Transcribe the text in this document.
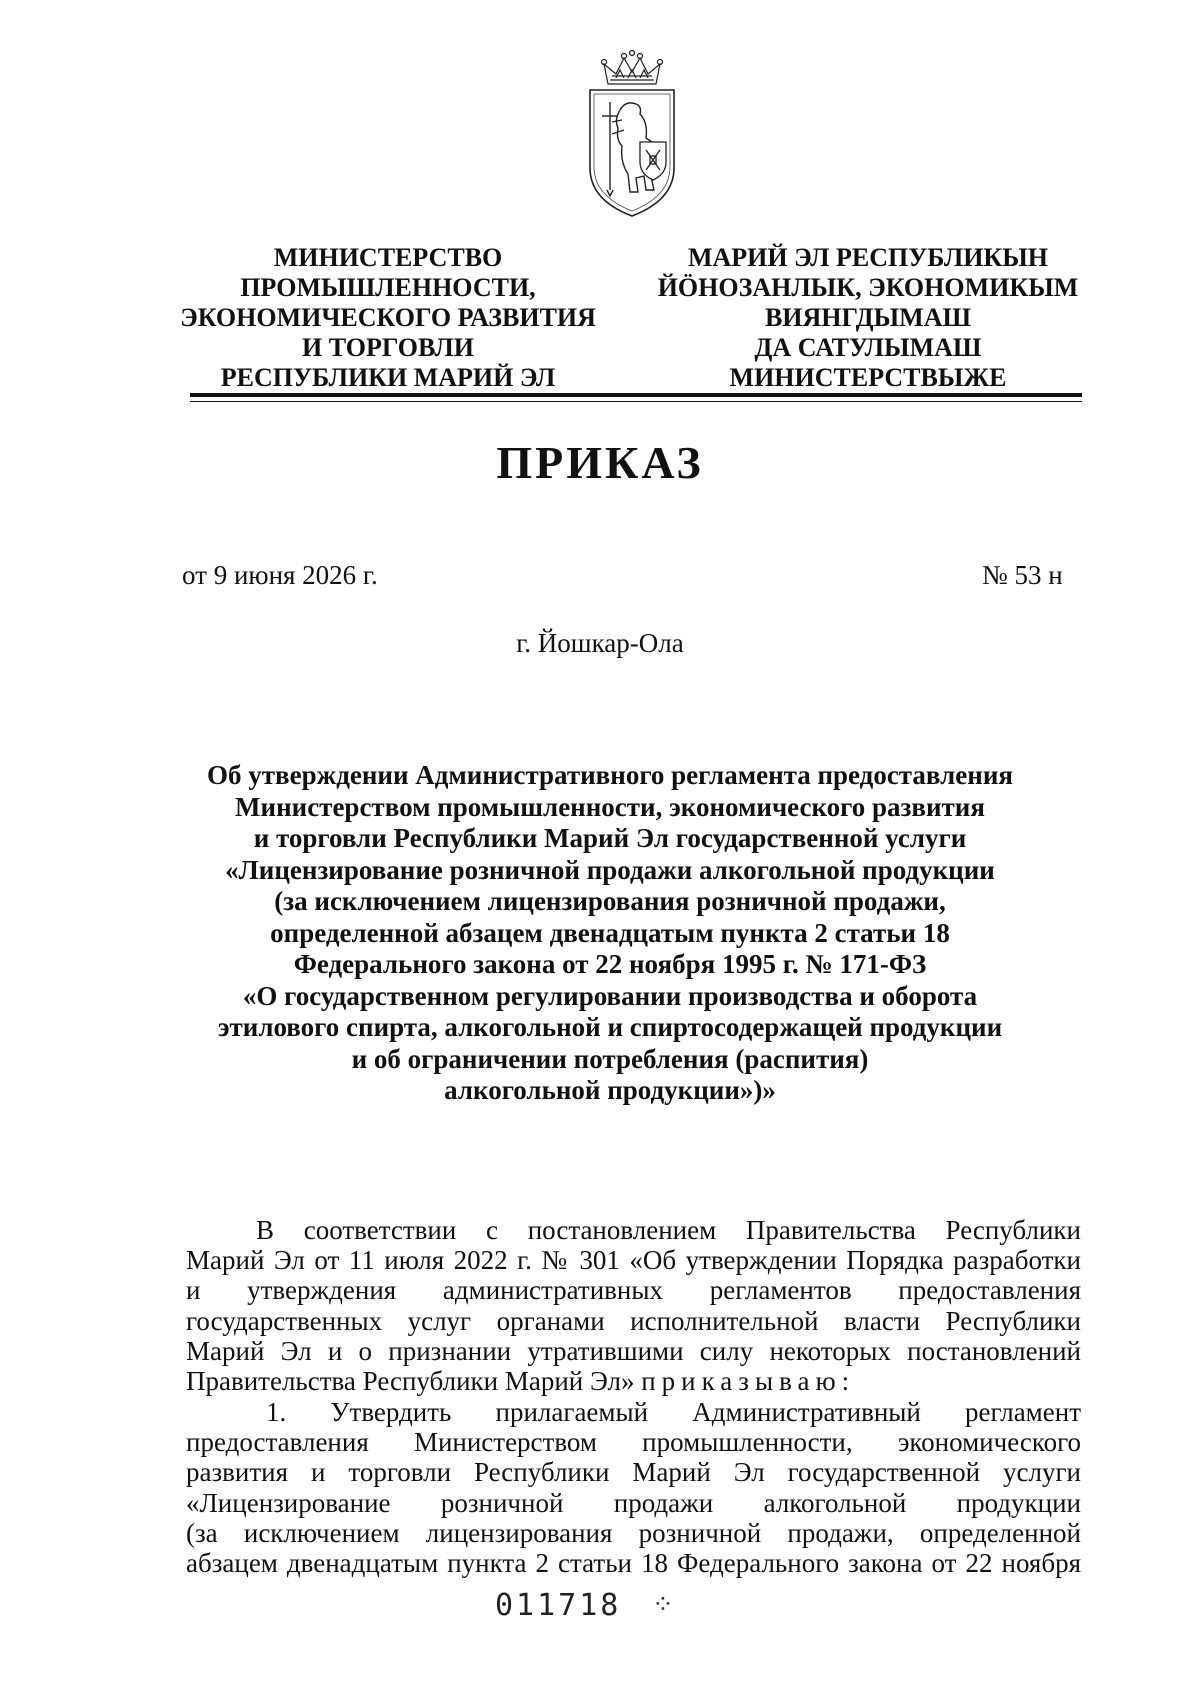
МИНИСТЕРСТВО
ПРОМЫШЛЕННОСТИ,
ЭКОНОМИЧЕСКОГО РАЗВИТИЯ
И ТОРГОВЛИ
РЕСПУБЛИКИ МАРИЙ ЭЛ
МАРИЙ ЭЛ РЕСПУБЛИКЫН
ЙÖНОЗАНЛЫК, ЭКОНОМИКЫМ
ВИЯНГДЫМАШ
ДА САТУЛЫМАШ
МИНИСТЕРСТВЫЖЕ
ПРИКАЗ
от 9 июня 2026 г.	№ 53 н
г. Йошкар-Ола
Об утверждении Административного регламента предоставления
Министерством промышленности, экономического развития
и торговли Республики Марий Эл государственной услуги
«Лицензирование розничной продажи алкогольной продукции
(за исключением лицензирования розничной продажи,
определенной абзацем двенадцатым пункта 2 статьи 18
Федерального закона от 22 ноября 1995 г. № 171-ФЗ
«О государственном регулировании производства и оборота
этилового спирта, алкогольной и спиртосодержащей продукции
и об ограничении потребления (распития)
алкогольной продукции»)»
В соответствии с постановлением Правительства Республики
Марий Эл от 11 июля 2022 г. № 301 «Об утверждении Порядка разработки
и утверждения административных регламентов предоставления
государственных услуг органами исполнительной власти Республики
Марий Эл и о признании утратившими силу некоторых постановлений
Правительства Республики Марий Эл» приказываю:
1. Утвердить прилагаемый Административный регламент
предоставления Министерством промышленности, экономического
развития и торговли Республики Марий Эл государственной услуги
«Лицензирование розничной продажи алкогольной продукции
(за исключением лицензирования розничной продажи, определенной
абзацем двенадцатым пункта 2 статьи 18 Федерального закона от 22 ноября
011718 ⁘
